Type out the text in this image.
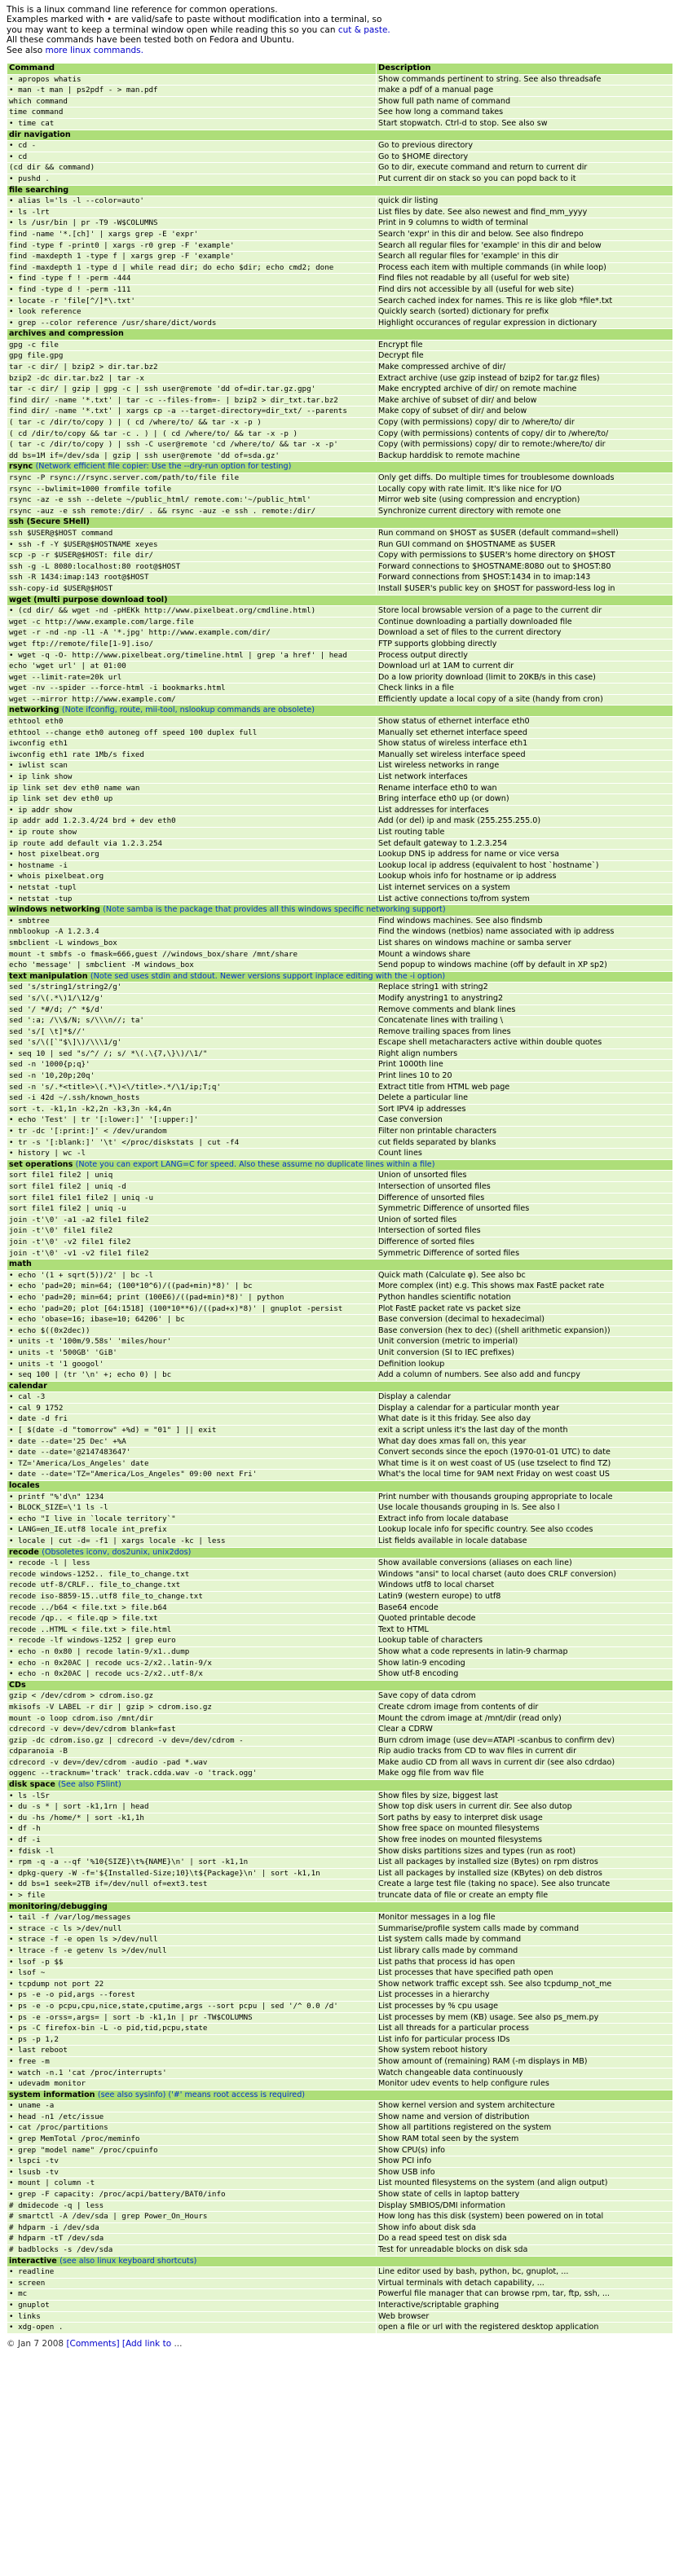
This is a linux command line reference for common operations.
Examples marked with • are valid/safe to paste without modification into a terminal, so
you may want to keep a terminal window open while reading this so you can cut & paste.
All these commands have been tested both on Fedora and Ubuntu.
See also more linux commands.
Command	Description
• apropos whatis	Show commands pertinent to string. See also threadsafe
• man -t man | ps2pdf - > man.pdf	make a pdf of a manual page
which command	Show full path name of command
time command	See how long a command takes
• time cat	Start stopwatch. Ctrl-d to stop. See also sw
dir navigation	
• cd -	Go to previous directory
• cd	Go to $HOME directory
(cd dir && command)	Go to dir, execute command and return to current dir
• pushd .	Put current dir on stack so you can popd back to it
file searching	
• alias l='ls -l --color=auto'	quick dir listing
• ls -lrt	List files by date. See also newest and find_mm_yyyy
• ls /usr/bin | pr -T9 -W$COLUMNS	Print in 9 columns to width of terminal
find -name '*.[ch]' | xargs grep -E 'expr'	Search 'expr' in this dir and below. See also findrepo
find -type f -print0 | xargs -r0 grep -F 'example'	Search all regular files for 'example' in this dir and below
find -maxdepth 1 -type f | xargs grep -F 'example'	Search all regular files for 'example' in this dir
find -maxdepth 1 -type d | while read dir; do echo $dir; echo cmd2; done	Process each item with multiple commands (in while loop)
• find -type f ! -perm -444	Find files not readable by all (useful for web site)
• find -type d ! -perm -111	Find dirs not accessible by all (useful for web site)
• locate -r 'file[^/]*\.txt'	Search cached index for names. This re is like glob *file*.txt
• look reference	Quickly search (sorted) dictionary for prefix
• grep --color reference /usr/share/dict/words	Highlight occurances of regular expression in dictionary
archives and compression	
gpg -c file	Encrypt file
gpg file.gpg	Decrypt file
tar -c dir/ | bzip2 > dir.tar.bz2	Make compressed archive of dir/
bzip2 -dc dir.tar.bz2 | tar -x	Extract archive (use gzip instead of bzip2 for tar.gz files)
tar -c dir/ | gzip | gpg -c | ssh user@remote 'dd of=dir.tar.gz.gpg'	Make encrypted archive of dir/ on remote machine
find dir/ -name '*.txt' | tar -c --files-from=- | bzip2 > dir_txt.tar.bz2	Make archive of subset of dir/ and below
find dir/ -name '*.txt' | xargs cp -a --target-directory=dir_txt/ --parents	Make copy of subset of dir/ and below
( tar -c /dir/to/copy ) | ( cd /where/to/ && tar -x -p )	Copy (with permissions) copy/ dir to /where/to/ dir
( cd /dir/to/copy && tar -c . ) | ( cd /where/to/ && tar -x -p )	Copy (with permissions) contents of copy/ dir to /where/to/
( tar -c /dir/to/copy ) | ssh -C user@remote 'cd /where/to/ && tar -x -p'	Copy (with permissions) copy/ dir to remote:/where/to/ dir
dd bs=1M if=/dev/sda | gzip | ssh user@remote 'dd of=sda.gz'	Backup harddisk to remote machine
rsync (Network efficient file copier: Use the --dry-run option for testing)	
rsync -P rsync://rsync.server.com/path/to/file file	Only get diffs. Do multiple times for troublesome downloads
rsync --bwlimit=1000 fromfile tofile	Locally copy with rate limit. It's like nice for I/O
rsync -az -e ssh --delete ~/public_html/ remote.com:'~/public_html'	Mirror web site (using compression and encryption)
rsync -auz -e ssh remote:/dir/ . && rsync -auz -e ssh . remote:/dir/	Synchronize current directory with remote one
ssh (Secure SHell)	
ssh $USER@$HOST command	Run command on $HOST as $USER (default command=shell)
• ssh -f -Y $USER@$HOSTNAME xeyes	Run GUI command on $HOSTNAME as $USER
scp -p -r $USER@$HOST: file dir/	Copy with permissions to $USER's home directory on $HOST
ssh -g -L 8080:localhost:80 root@$HOST	Forward connections to $HOSTNAME:8080 out to $HOST:80
ssh -R 1434:imap:143 root@$HOST	Forward connections from $HOST:1434 in to imap:143
ssh-copy-id $USER@$HOST	Install $USER's public key on $HOST for password-less log in
wget (multi purpose download tool)	
• (cd dir/ && wget -nd -pHEKk http://www.pixelbeat.org/cmdline.html)	Store local browsable version of a page to the current dir
wget -c http://www.example.com/large.file	Continue downloading a partially downloaded file
wget -r -nd -np -l1 -A '*.jpg' http://www.example.com/dir/	Download a set of files to the current directory
wget ftp://remote/file[1-9].iso/	FTP supports globbing directly
• wget -q -O- http://www.pixelbeat.org/timeline.html | grep 'a href' | head	Process output directly
echo 'wget url' | at 01:00	Download url at 1AM to current dir
wget --limit-rate=20k url	Do a low priority download (limit to 20KB/s in this case)
wget -nv --spider --force-html -i bookmarks.html	Check links in a file
wget --mirror http://www.example.com/	Efficiently update a local copy of a site (handy from cron)
networking (Note ifconfig, route, mii-tool, nslookup commands are obsolete)	
ethtool eth0	Show status of ethernet interface eth0
ethtool --change eth0 autoneg off speed 100 duplex full	Manually set ethernet interface speed
iwconfig eth1	Show status of wireless interface eth1
iwconfig eth1 rate 1Mb/s fixed	Manually set wireless interface speed
• iwlist scan	List wireless networks in range
• ip link show	List network interfaces
ip link set dev eth0 name wan	Rename interface eth0 to wan
ip link set dev eth0 up	Bring interface eth0 up (or down)
• ip addr show	List addresses for interfaces
ip addr add 1.2.3.4/24 brd + dev eth0	Add (or del) ip and mask (255.255.255.0)
• ip route show	List routing table
ip route add default via 1.2.3.254	Set default gateway to 1.2.3.254
• host pixelbeat.org	Lookup DNS ip address for name or vice versa
• hostname -i	Lookup local ip address (equivalent to host `hostname`)
• whois pixelbeat.org	Lookup whois info for hostname or ip address
• netstat -tupl	List internet services on a system
• netstat -tup	List active connections to/from system
windows networking (Note samba is the package that provides all this windows specific networking support)	
• smbtree	Find windows machines. See also findsmb
nmblookup -A 1.2.3.4	Find the windows (netbios) name associated with ip address
smbclient -L windows_box	List shares on windows machine or samba server
mount -t smbfs -o fmask=666,guest //windows_box/share /mnt/share	Mount a windows share
echo 'message' | smbclient -M windows_box	Send popup to windows machine (off by default in XP sp2)
text manipulation (Note sed uses stdin and stdout. Newer versions support inplace editing with the -i option)	
sed 's/string1/string2/g'	Replace string1 with string2
sed 's/\(.*\)1/\12/g'	Modify anystring1 to anystring2
sed '/ *#/d; /^ *$/d'	Remove comments and blank lines
sed ':a; /\\$/N; s/\\\n//; ta'	Concatenate lines with trailing \
sed 's/[ \t]*$//'	Remove trailing spaces from lines
sed 's/\([`"$\]\)/\\\1/g'	Escape shell metacharacters active within double quotes
• seq 10 | sed "s/^/ /; s/ *\(.\{7,\}\)/\1/"	Right align numbers
sed -n '1000{p;q}'	Print 1000th line
sed -n '10,20p;20q'	Print lines 10 to 20
sed -n 's/.*<title>\(.*\)<\/title>.*/\1/ip;T;q'	Extract title from HTML web page
sed -i 42d ~/.ssh/known_hosts	Delete a particular line
sort -t. -k1,1n -k2,2n -k3,3n -k4,4n	Sort IPV4 ip addresses
• echo 'Test' | tr '[:lower:]' '[:upper:]'	Case conversion
• tr -dc '[:print:]' < /dev/urandom	Filter non printable characters
• tr -s '[:blank:]' '\t' </proc/diskstats | cut -f4	cut fields separated by blanks
• history | wc -l	Count lines
set operations (Note you can export LANG=C for speed. Also these assume no duplicate lines within a file)	
sort file1 file2 | uniq	Union of unsorted files
sort file1 file2 | uniq -d	Intersection of unsorted files
sort file1 file1 file2 | uniq -u	Difference of unsorted files
sort file1 file2 | uniq -u	Symmetric Difference of unsorted files
join -t'\0' -a1 -a2 file1 file2	Union of sorted files
join -t'\0' file1 file2	Intersection of sorted files
join -t'\0' -v2 file1 file2	Difference of sorted files
join -t'\0' -v1 -v2 file1 file2	Symmetric Difference of sorted files
math	
• echo '(1 + sqrt(5))/2' | bc -l	Quick math (Calculate φ). See also bc
• echo 'pad=20; min=64; (100*10^6)/((pad+min)*8)' | bc	More complex (int) e.g. This shows max FastE packet rate
• echo 'pad=20; min=64; print (100E6)/((pad+min)*8)' | python	Python handles scientific notation
• echo 'pad=20; plot [64:1518] (100*10**6)/((pad+x)*8)' | gnuplot -persist	Plot FastE packet rate vs packet size
• echo 'obase=16; ibase=10; 64206' | bc	Base conversion (decimal to hexadecimal)
• echo $((0x2dec))	Base conversion (hex to dec) ((shell arithmetic expansion))
• units -t '100m/9.58s' 'miles/hour'	Unit conversion (metric to imperial)
• units -t '500GB' 'GiB'	Unit conversion (SI to IEC prefixes)
• units -t '1 googol'	Definition lookup
• seq 100 | (tr '\n' +; echo 0) | bc	Add a column of numbers. See also add and funcpy
calendar	
• cal -3	Display a calendar
• cal 9 1752	Display a calendar for a particular month year
• date -d fri	What date is it this friday. See also day
• [ $(date -d "tomorrow" +%d) = "01" ] || exit	exit a script unless it's the last day of the month
• date --date='25 Dec' +%A	What day does xmas fall on, this year
• date --date='@2147483647'	Convert seconds since the epoch (1970-01-01 UTC) to date
• TZ='America/Los_Angeles' date	What time is it on west coast of US (use tzselect to find TZ)
• date --date='TZ="America/Los_Angeles" 09:00 next Fri'	What's the local time for 9AM next Friday on west coast US
locales	
• printf "%'d\n" 1234	Print number with thousands grouping appropriate to locale
• BLOCK_SIZE=\'1 ls -l	Use locale thousands grouping in ls. See also l
• echo "I live in `locale territory`"	Extract info from locale database
• LANG=en_IE.utf8 locale int_prefix	Lookup locale info for specific country. See also ccodes
• locale | cut -d= -f1 | xargs locale -kc | less	List fields available in locale database
recode (Obsoletes iconv, dos2unix, unix2dos)	
• recode -l | less	Show available conversions (aliases on each line)
recode windows-1252.. file_to_change.txt	Windows "ansi" to local charset (auto does CRLF conversion)
recode utf-8/CRLF.. file_to_change.txt	Windows utf8 to local charset
recode iso-8859-15..utf8 file_to_change.txt	Latin9 (western europe) to utf8
recode ../b64 < file.txt > file.b64	Base64 encode
recode /qp.. < file.qp > file.txt	Quoted printable decode
recode ..HTML < file.txt > file.html	Text to HTML
• recode -lf windows-1252 | grep euro	Lookup table of characters
• echo -n 0x80 | recode latin-9/x1..dump	Show what a code represents in latin-9 charmap
• echo -n 0x20AC | recode ucs-2/x2..latin-9/x	Show latin-9 encoding
• echo -n 0x20AC | recode ucs-2/x2..utf-8/x	Show utf-8 encoding
CDs	
gzip < /dev/cdrom > cdrom.iso.gz	Save copy of data cdrom
mkisofs -V LABEL -r dir | gzip > cdrom.iso.gz	Create cdrom image from contents of dir
mount -o loop cdrom.iso /mnt/dir	Mount the cdrom image at /mnt/dir (read only)
cdrecord -v dev=/dev/cdrom blank=fast	Clear a CDRW
gzip -dc cdrom.iso.gz | cdrecord -v dev=/dev/cdrom -	Burn cdrom image (use dev=ATAPI -scanbus to confirm dev)
cdparanoia -B	Rip audio tracks from CD to wav files in current dir
cdrecord -v dev=/dev/cdrom -audio -pad *.wav	Make audio CD from all wavs in current dir (see also cdrdao)
oggenc --tracknum='track' track.cdda.wav -o 'track.ogg'	Make ogg file from wav file
disk space (See also FSlint)	
• ls -lSr	Show files by size, biggest last
• du -s * | sort -k1,1rn | head	Show top disk users in current dir. See also dutop
• du -hs /home/* | sort -k1,1h	Sort paths by easy to interpret disk usage
• df -h	Show free space on mounted filesystems
• df -i	Show free inodes on mounted filesystems
• fdisk -l	Show disks partitions sizes and types (run as root)
• rpm -q -a --qf '%10{SIZE}\t%{NAME}\n' | sort -k1,1n	List all packages by installed size (Bytes) on rpm distros
• dpkg-query -W -f='${Installed-Size;10}\t${Package}\n' | sort -k1,1n	List all packages by installed size (KBytes) on deb distros
• dd bs=1 seek=2TB if=/dev/null of=ext3.test	Create a large test file (taking no space). See also truncate
• > file	truncate data of file or create an empty file
monitoring/debugging	
• tail -f /var/log/messages	Monitor messages in a log file
• strace -c ls >/dev/null	Summarise/profile system calls made by command
• strace -f -e open ls >/dev/null	List system calls made by command
• ltrace -f -e getenv ls >/dev/null	List library calls made by command
• lsof -p $$	List paths that process id has open
• lsof ~	List processes that have specified path open
• tcpdump not port 22	Show network traffic except ssh. See also tcpdump_not_me
• ps -e -o pid,args --forest	List processes in a hierarchy
• ps -e -o pcpu,cpu,nice,state,cputime,args --sort pcpu | sed '/^ 0.0 /d'	List processes by % cpu usage
• ps -e -orss=,args= | sort -b -k1,1n | pr -TW$COLUMNS	List processes by mem (KB) usage. See also ps_mem.py
• ps -C firefox-bin -L -o pid,tid,pcpu,state	List all threads for a particular process
• ps -p 1,2	List info for particular process IDs
• last reboot	Show system reboot history
• free -m	Show amount of (remaining) RAM (-m displays in MB)
• watch -n.1 'cat /proc/interrupts'	Watch changeable data continuously
• udevadm monitor	Monitor udev events to help configure rules
system information (see also sysinfo) ('#' means root access is required)	
• uname -a	Show kernel version and system architecture
• head -n1 /etc/issue	Show name and version of distribution
• cat /proc/partitions	Show all partitions registered on the system
• grep MemTotal /proc/meminfo	Show RAM total seen by the system
• grep "model name" /proc/cpuinfo	Show CPU(s) info
• lspci -tv	Show PCI info
• lsusb -tv	Show USB info
• mount | column -t	List mounted filesystems on the system (and align output)
• grep -F capacity: /proc/acpi/battery/BAT0/info	Show state of cells in laptop battery
# dmidecode -q | less	Display SMBIOS/DMI information
# smartctl -A /dev/sda | grep Power_On_Hours	How long has this disk (system) been powered on in total
# hdparm -i /dev/sda	Show info about disk sda
# hdparm -tT /dev/sda	Do a read speed test on disk sda
# badblocks -s /dev/sda	Test for unreadable blocks on disk sda
interactive (see also linux keyboard shortcuts)	
• readline	Line editor used by bash, python, bc, gnuplot, ...
• screen	Virtual terminals with detach capability, ...
• mc	Powerful file manager that can browse rpm, tar, ftp, ssh, ...
• gnuplot	Interactive/scriptable graphing
• links	Web browser
• xdg-open .	open a file or url with the registered desktop application
© Jan 7 2008 [Comments] [Add link to ...
